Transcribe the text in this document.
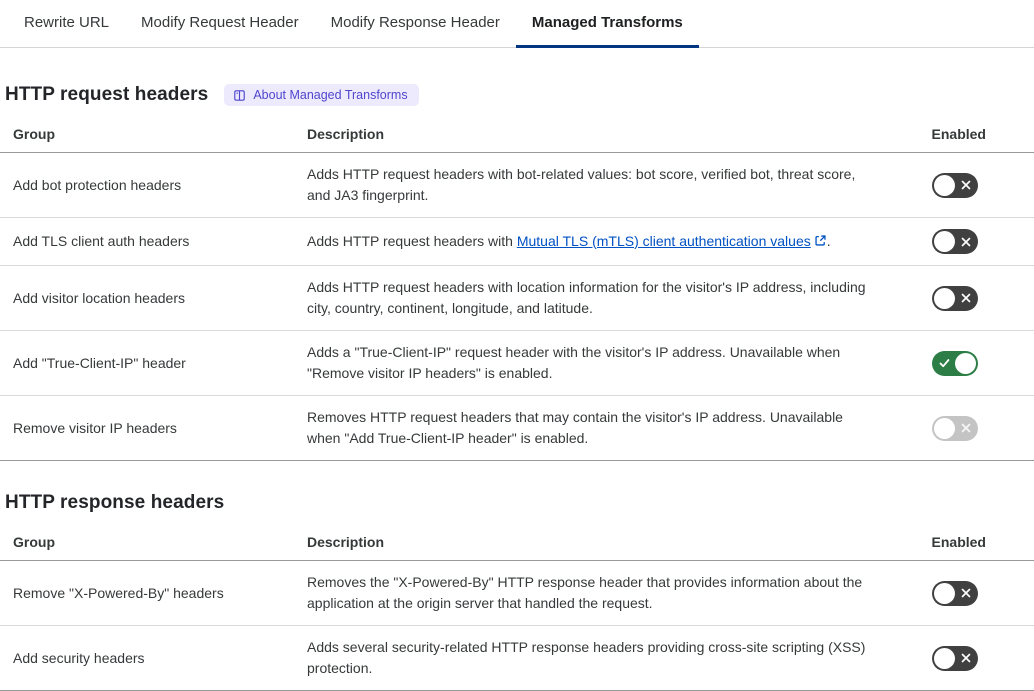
Rewrite URL	Modify Request Header	Modify Response Header	Managed Transforms
HTTP request headers	About Managed Transforms
Group	Description	Enabled
Add bot protection headers	Adds HTTP request headers with bot-related values: bot score, verified bot, threat score, and JA3 fingerprint.	

Add TLS client auth headers	Adds HTTP request headers with Mutual TLS (mTLS) client authentication values .	

Add visitor location headers	Adds HTTP request headers with location information for the visitor's IP address, including city, country, continent, longitude, and latitude.	

Add "True-Client-IP" header	Adds a "True-Client-IP" request header with the visitor's IP address. Unavailable when "Remove visitor IP headers" is enabled.	

Remove visitor IP headers	Removes HTTP request headers that may contain the visitor's IP address. Unavailable when "Add True-Client-IP header" is enabled.	
HTTP response headers
Group	Description	Enabled
Remove "X-Powered-By" headers	Removes the "X-Powered-By" HTTP response header that provides information about the application at the origin server that handled the request.	

Add security headers	Adds several security-related HTTP response headers providing cross-site scripting (XSS) protection.	
